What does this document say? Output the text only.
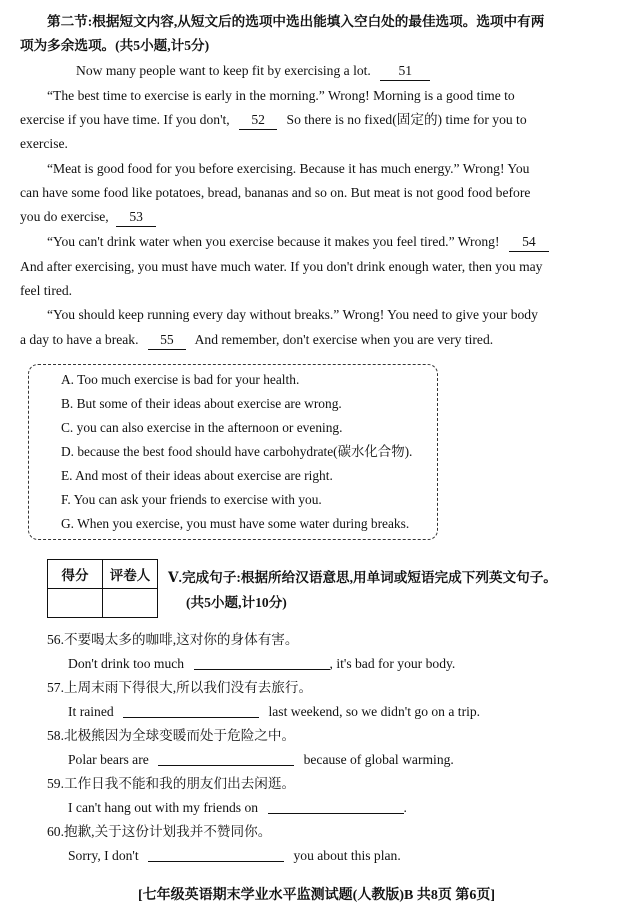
第二节:根据短文内容,从短文后的选项中选出能填入空白处的最佳选项。选项中有两
项为多余选项。(共5小题,计5分)
Now many people want to keep fit by exercising a lot. 51
“The best time to exercise is early in the morning.” Wrong! Morning is a good time to
exercise if you have time. If you don't, 52 So there is no fixed(固定的) time for you to
exercise.
“Meat is good food for you before exercising. Because it has much energy.” Wrong! You
can have some food like potatoes, bread, bananas and so on. But meat is not good food before
you do exercise, 53
“You can't drink water when you exercise because it makes you feel tired.” Wrong! 54
And after exercising, you must have much water. If you don't drink enough water, then you may
feel tired.
“You should keep running every day without breaks.” Wrong! You need to give your body
a day to have a break. 55 And remember, don't exercise when you are very tired.
A. Too much exercise is bad for your health.
B. But some of their ideas about exercise are wrong.
C. you can also exercise in the afternoon or evening.
D. because the best food should have carbohydrate(碳水化合物).
E. And most of their ideas about exercise are right.
F. You can ask your friends to exercise with you.
G. When you exercise, you must have some water during breaks.
得分	评卷人
	Ⅴ.完成句子:根据所给汉语意思,用单词或短语完成下列英文句子。
(共5小题,计10分)
56.不要喝太多的咖啡,这对你的身体有害。
Don't drink too much	, it's bad for your body.
57.上周末雨下得很大,所以我们没有去旅行。
It rained	last weekend, so we didn't go on a trip.
58.北极熊因为全球变暖而处于危险之中。
Polar bears are	because of global warming.
59.工作日我不能和我的朋友们出去闲逛。
I can't hang out with my friends on	.
60.抱歉,关于这份计划我并不赞同你。
Sorry, I don't	you about this plan.
[七年级英语期末学业水平监测试题(人教版)B 共8页 第6页]
